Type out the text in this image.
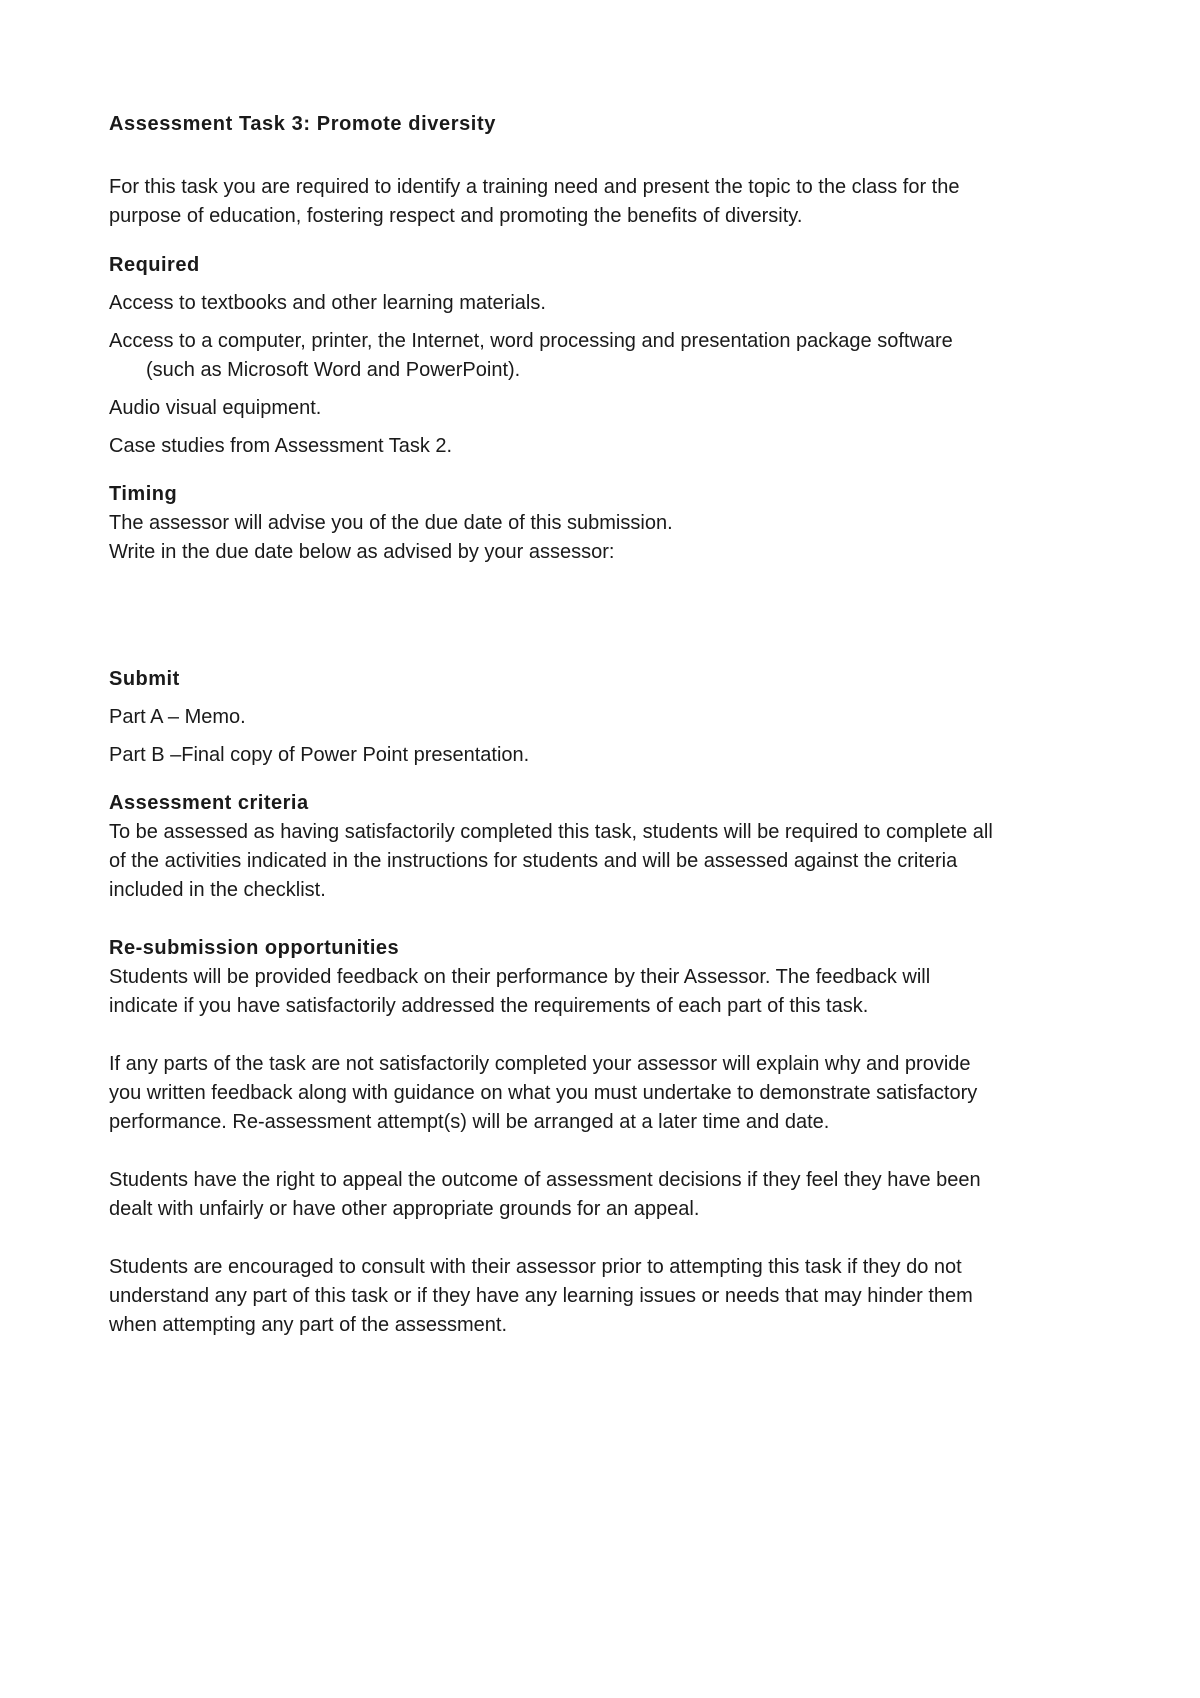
Assessment Task 3: Promote diversity

For this task you are required to identify a training need and present the topic to the class for the

purpose of education, fostering respect and promoting the benefits of diversity.

Required

Access to textbooks and other learning materials.

Access to a computer, printer, the Internet, word processing and presentation package software
(such as Microsoft Word and PowerPoint).

Audio visual equipment.

Case studies from Assessment Task 2.

Timing

The assessor will advise you of the due date of this submission.

Write in the due date below as advised by your assessor:

Submit

Part A – Memo.

Part B –Final copy of Power Point presentation.

Assessment criteria

To be assessed as having satisfactorily completed this task, students will be required to complete all

of the activities indicated in the instructions for students and will be assessed against the criteria

included in the checklist.

Re-submission opportunities

Students will be provided feedback on their performance by their Assessor. The feedback will

indicate if you have satisfactorily addressed the requirements of each part of this task.

If any parts of the task are not satisfactorily completed your assessor will explain why and provide

you written feedback along with guidance on what you must undertake to demonstrate satisfactory

performance. Re-assessment attempt(s) will be arranged at a later time and date.

Students have the right to appeal the outcome of assessment decisions if they feel they have been

dealt with unfairly or have other appropriate grounds for an appeal.

Students are encouraged to consult with their assessor prior to attempting this task if they do not

understand any part of this task or if they have any learning issues or needs that may hinder them

when attempting any part of the assessment.
